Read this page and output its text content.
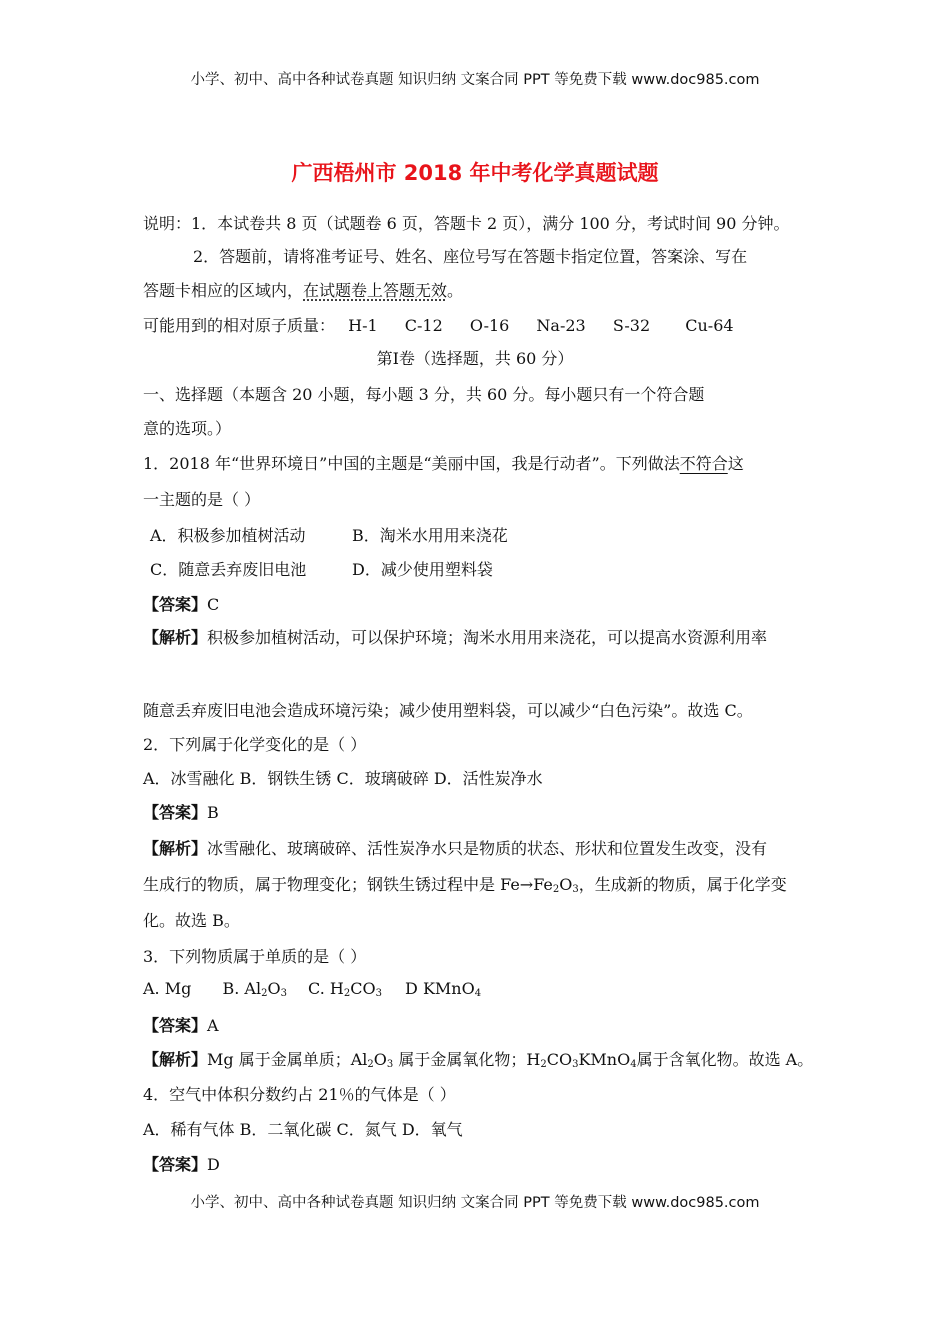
小学、初中、高中各种试卷真题 知识归纳 文案合同 PPT 等免费下载 www.doc985.com
广西梧州市 2018 年中考化学真题试题
说明：1．本试卷共 8 页（试题卷 6 页，答题卡 2 页），满分 100 分，考试时间 90 分钟。
2．答题前，请将准考证号、姓名、座位号写在答题卡指定位置，答案涂、写在
答题卡相应的区域内，在试题卷上答题无效。
可能用到的相对原子质量： H-1 C-12 O-16 Na-23 S-32 Cu-64
第Ⅰ卷（选择题，共 60 分）
一、选择题（本题含 20 小题，每小题 3 分，共 60 分。每小题只有一个符合题
意的选项。）
1．2018 年“世界环境日”中国的主题是“美丽中国，我是行动者”。下列做法不符合这
一主题的是（ ）
A．积极参加植树活动	B．淘米水用用来浇花
C．随意丢弃废旧电池	D．减少使用塑料袋
【答案】C
【解析】积极参加植树活动，可以保护环境；淘米水用用来浇花，可以提高水资源利用率
随意丢弃废旧电池会造成环境污染；减少使用塑料袋，可以减少“白色污染”。故选 C。
2．下列属于化学变化的是（ ）
A．冰雪融化 B．钢铁生锈 C．玻璃破碎 D．活性炭净水
【答案】B
【解析】冰雪融化、玻璃破碎、活性炭净水只是物质的状态、形状和位置发生改变，没有
生成行的物质，属于物理变化；钢铁生锈过程中是 $Fe\to Fe_2O_3$，生成新的物质，属于化学变
化。故选 B。
3．下列物质属于单质的是（ ）
A. Mg B. $Al_2O_3$ C. $H_2CO_3$ D KMnO$_4$
【答案】A
【解析】Mg 属于金属单质；$Al_2O_3$ 属于金属氧化物；$H_2CO_3KMnO_4$属于含氧化物。故选 A。
4．空气中体积分数约占 21％的气体是（ ）
A．稀有气体 B．二氧化碳 C．氮气 D．氧气
【答案】D
小学、初中、高中各种试卷真题 知识归纳 文案合同 PPT 等免费下载 www.doc985.com
